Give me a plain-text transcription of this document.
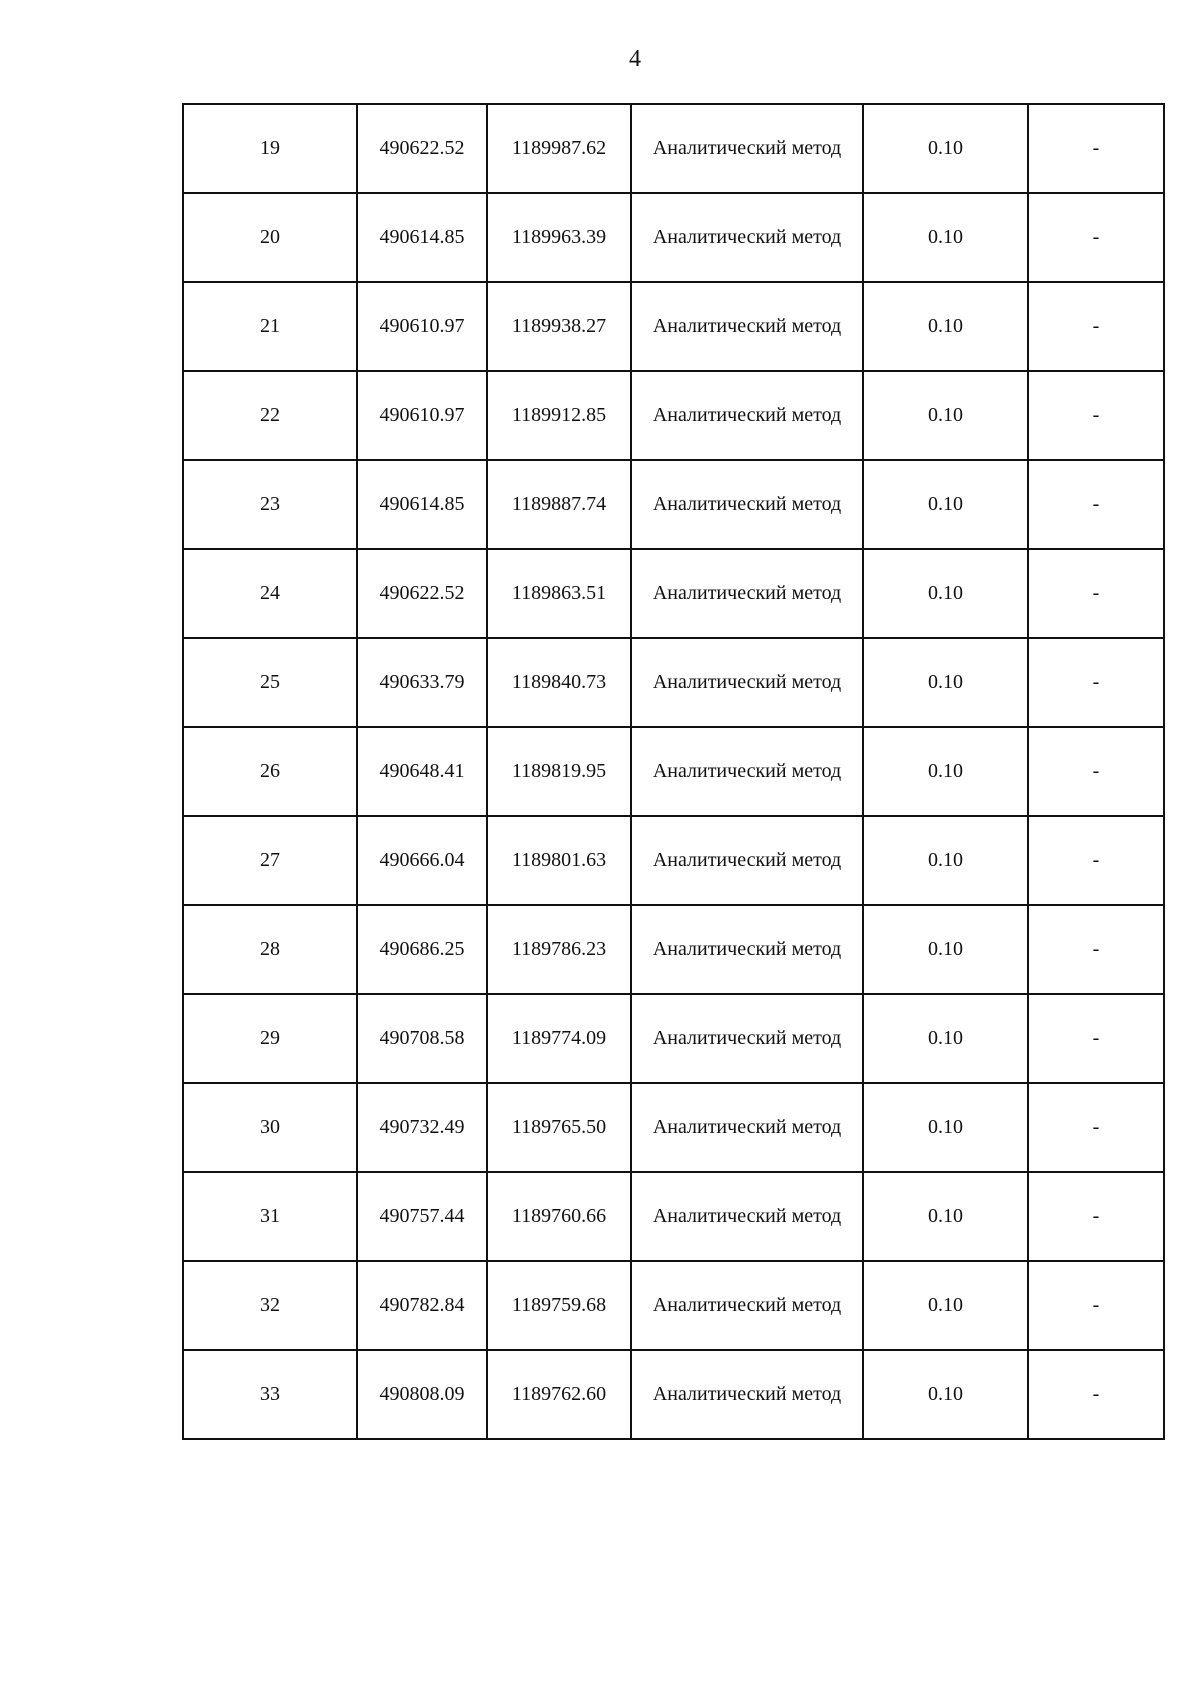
4
19	490622.52	1189987.62	Аналитический метод	0.10	-
20	490614.85	1189963.39	Аналитический метод	0.10	-
21	490610.97	1189938.27	Аналитический метод	0.10	-
22	490610.97	1189912.85	Аналитический метод	0.10	-
23	490614.85	1189887.74	Аналитический метод	0.10	-
24	490622.52	1189863.51	Аналитический метод	0.10	-
25	490633.79	1189840.73	Аналитический метод	0.10	-
26	490648.41	1189819.95	Аналитический метод	0.10	-
27	490666.04	1189801.63	Аналитический метод	0.10	-
28	490686.25	1189786.23	Аналитический метод	0.10	-
29	490708.58	1189774.09	Аналитический метод	0.10	-
30	490732.49	1189765.50	Аналитический метод	0.10	-
31	490757.44	1189760.66	Аналитический метод	0.10	-
32	490782.84	1189759.68	Аналитический метод	0.10	-
33	490808.09	1189762.60	Аналитический метод	0.10	-
